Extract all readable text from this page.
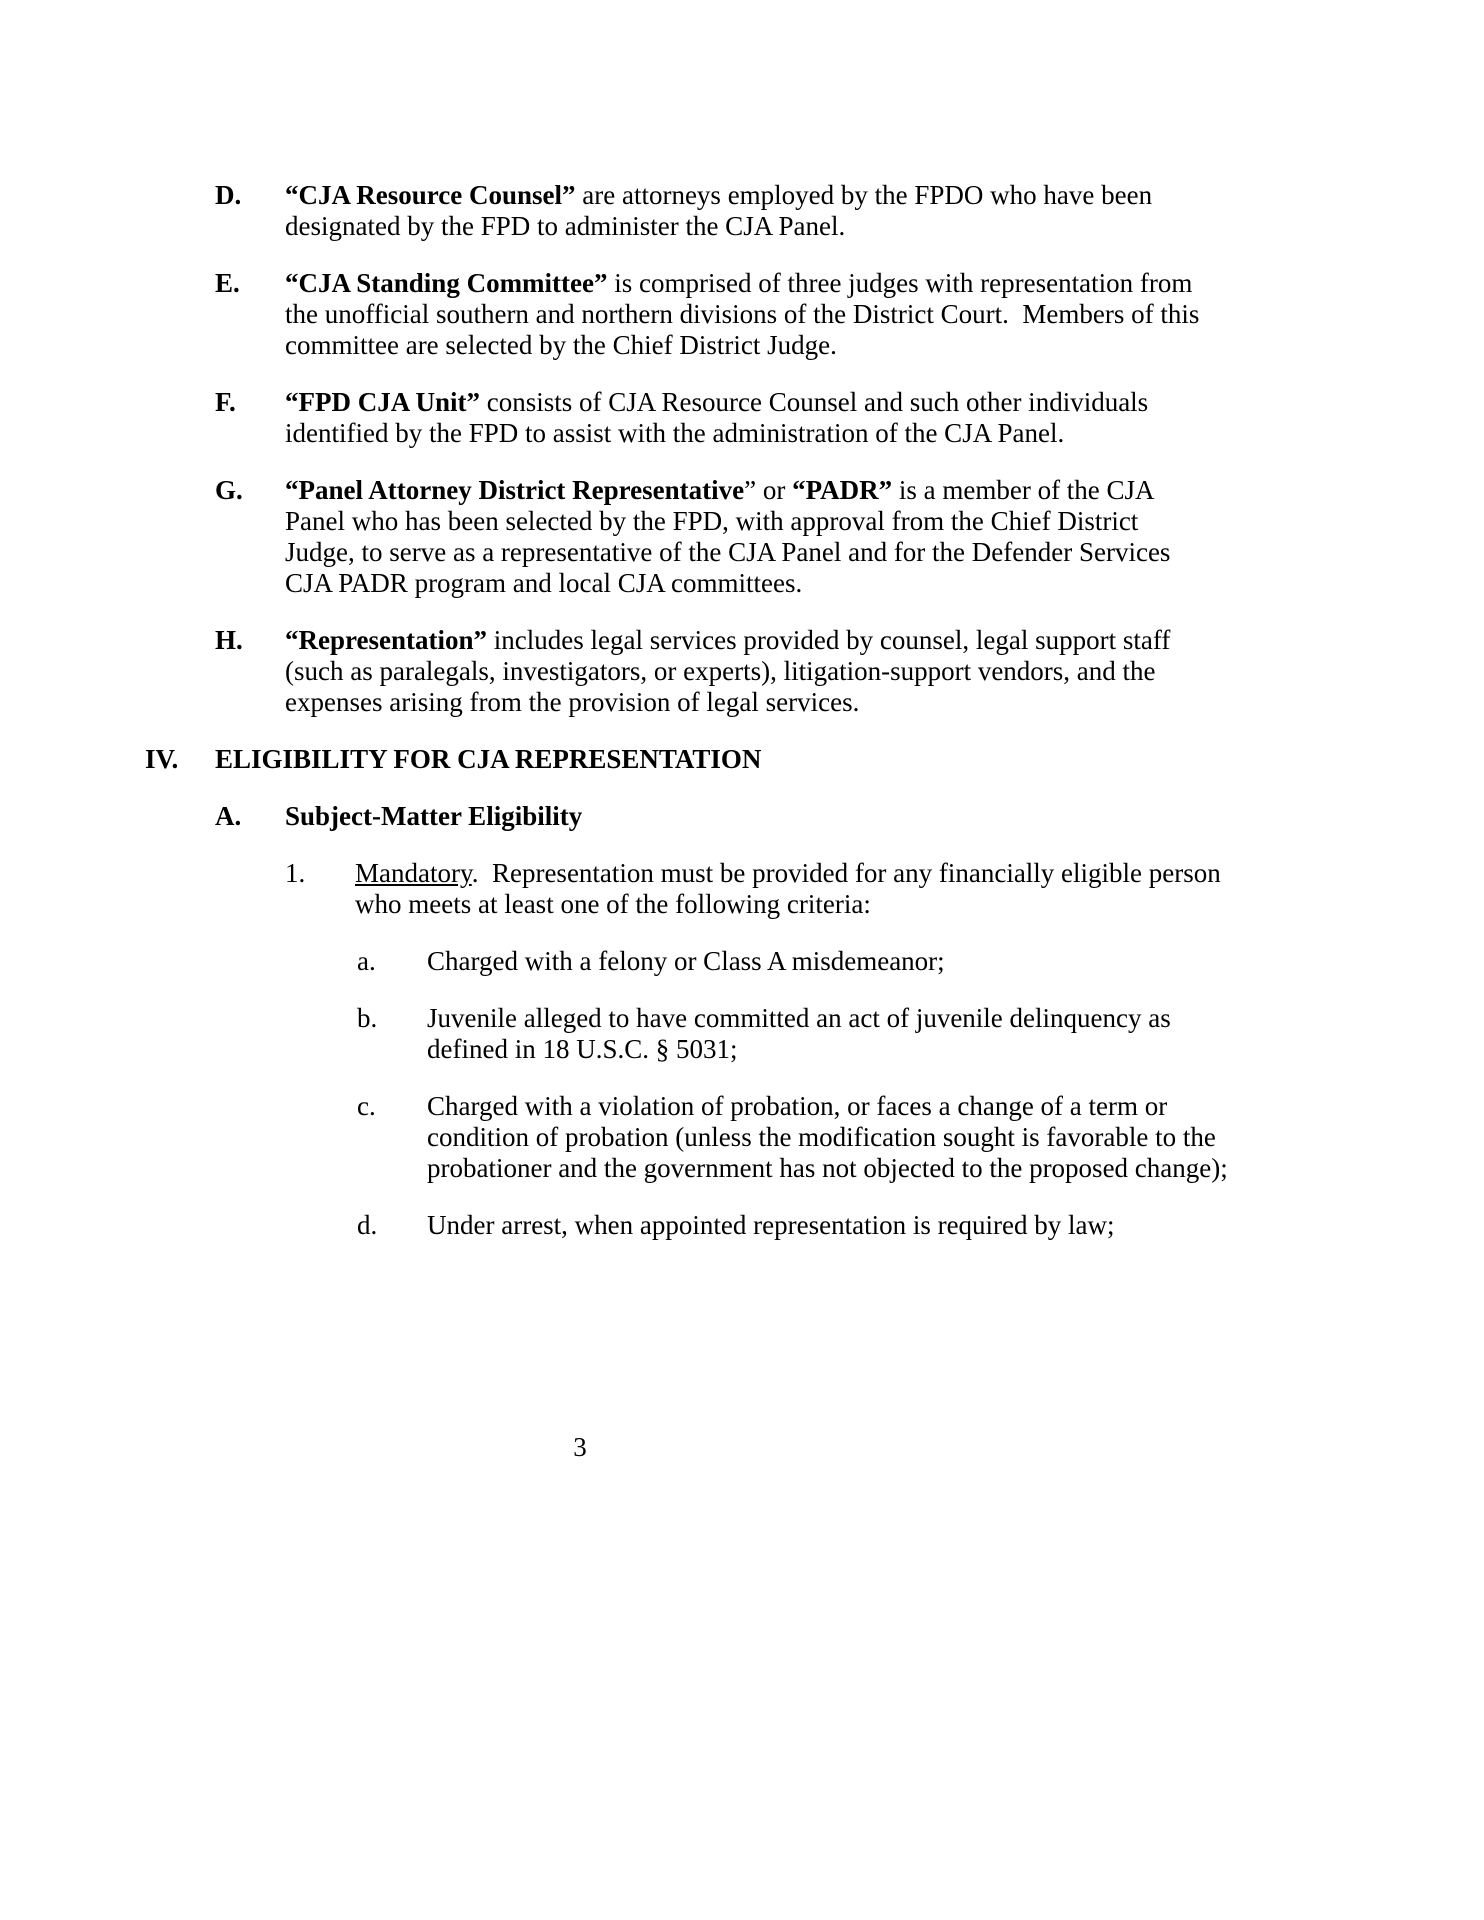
D.	“CJA Resource Counsel” are attorneys employed by the FPDO who have been designated by the FPD to administer the CJA Panel.
E.	“CJA Standing Committee” is comprised of three judges with representation from the unofficial southern and northern divisions of the District Court.  Members of this committee are selected by the Chief District Judge.
F.	“FPD CJA Unit” consists of CJA Resource Counsel and such other individuals identified by the FPD to assist with the administration of the CJA Panel.
G.	“Panel Attorney District Representative” or “PADR” is a member of the CJA Panel who has been selected by the FPD, with approval from the Chief District Judge, to serve as a representative of the CJA Panel and for the Defender Services CJA PADR program and local CJA committees.
H.	“Representation” includes legal services provided by counsel, legal support staff (such as paralegals, investigators, or experts), litigation-support vendors, and the expenses arising from the provision of legal services.
IV.	ELIGIBILITY FOR CJA REPRESENTATION
A.	Subject-Matter Eligibility
1.	Mandatory.  Representation must be provided for any financially eligible person who meets at least one of the following criteria:
a.	Charged with a felony or Class A misdemeanor;
b.	Juvenile alleged to have committed an act of juvenile delinquency as defined in 18 U.S.C. § 5031;
c.	Charged with a violation of probation, or faces a change of a term or condition of probation (unless the modification sought is favorable to the probationer and the government has not objected to the proposed change);
d.	Under arrest, when appointed representation is required by law;
3
